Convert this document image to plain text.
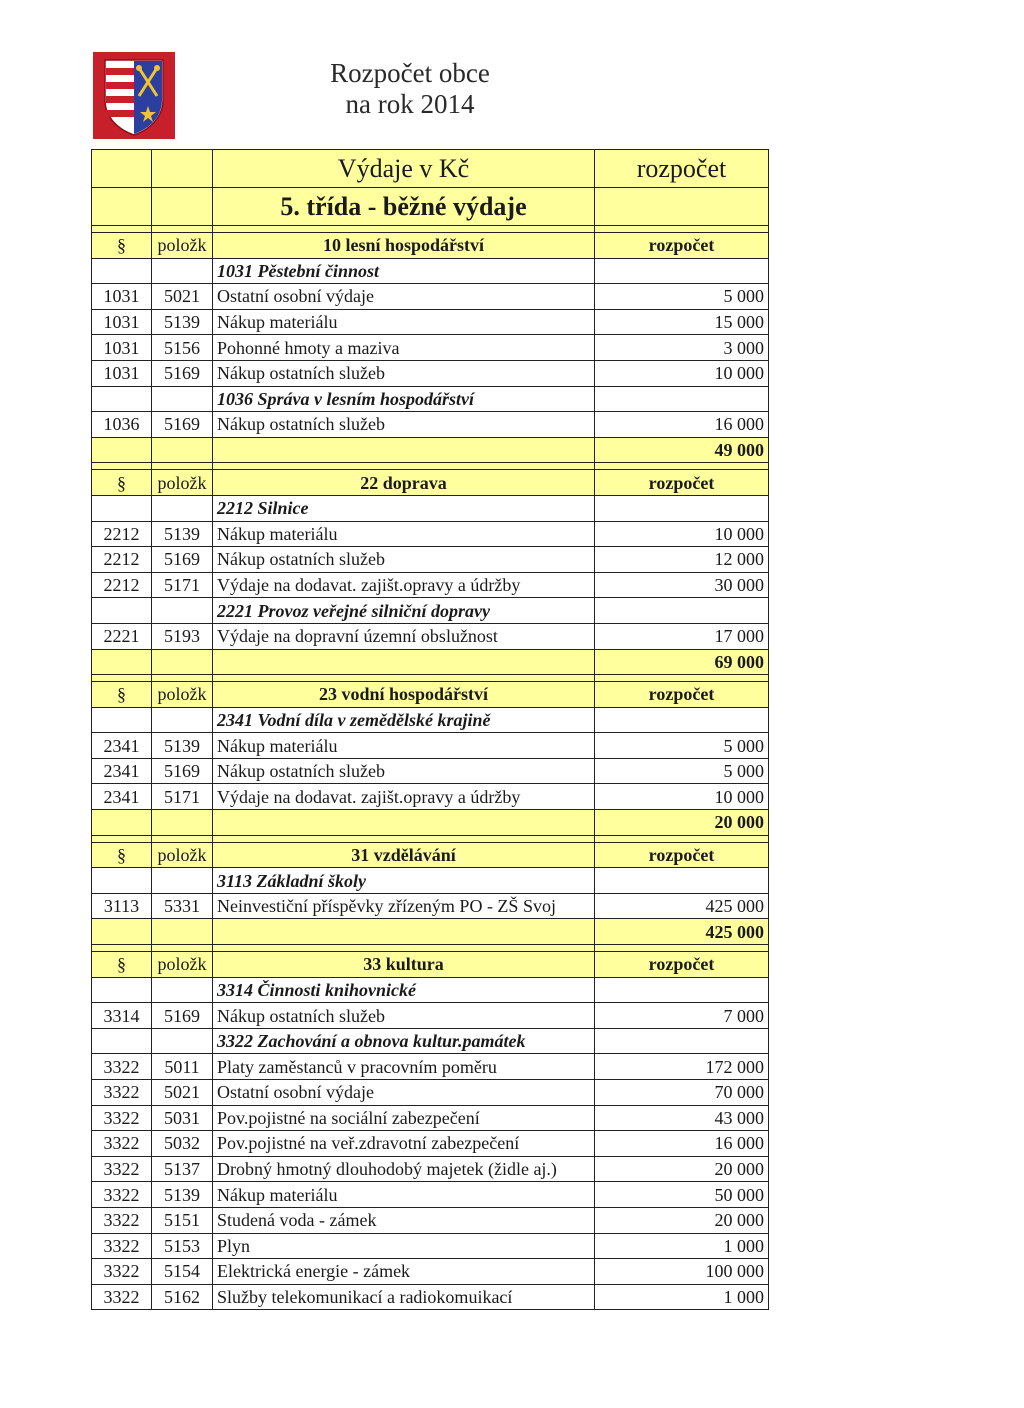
Rozpočet obce
na rok 2014
		Výdaje v Kč	rozpočet
		5. třída - běžné výdaje	

§	položk	10 lesní hospodářství	rozpočet
		1031 Pěstební činnost	
1031	5021	Ostatní osobní výdaje	5 000
1031	5139	Nákup materiálu	15 000
1031	5156	Pohonné hmoty a maziva	3 000
1031	5169	Nákup ostatních služeb	10 000
		1036 Správa v lesním hospodářství	
1036	5169	Nákup ostatních služeb	16 000
			49 000

§	položk	22 doprava	rozpočet
		2212 Silnice	
2212	5139	Nákup materiálu	10 000
2212	5169	Nákup ostatních služeb	12 000
2212	5171	Výdaje na dodavat. zajišt.opravy a údržby	30 000
		2221 Provoz veřejné silniční dopravy	
2221	5193	Výdaje na dopravní územní obslužnost	17 000
			69 000

§	položk	23 vodní hospodářství	rozpočet
		2341 Vodní díla v zemědělské krajině	
2341	5139	Nákup materiálu	5 000
2341	5169	Nákup ostatních služeb	5 000
2341	5171	Výdaje na dodavat. zajišt.opravy a údržby	10 000
			20 000

§	položk	31 vzdělávání	rozpočet
		3113 Základní školy	
3113	5331	Neinvestiční příspěvky zřízeným PO - ZŠ Svoj	425 000
			425 000

§	položk	33 kultura	rozpočet
		3314 Činnosti knihovnické	
3314	5169	Nákup ostatních služeb	7 000
		3322 Zachování a obnova kultur.památek	
3322	5011	Platy zaměstanců v pracovním poměru	172 000
3322	5021	Ostatní osobní výdaje	70 000
3322	5031	Pov.pojistné na sociální zabezpečení	43 000
3322	5032	Pov.pojistné na veř.zdravotní zabezpečení	16 000
3322	5137	Drobný hmotný dlouhodobý majetek (židle aj.)	20 000
3322	5139	Nákup materiálu	50 000
3322	5151	Studená voda - zámek	20 000
3322	5153	Plyn	1 000
3322	5154	Elektrická energie - zámek	100 000
3322	5162	Služby telekomunikací a radiokomuikací	1 000
